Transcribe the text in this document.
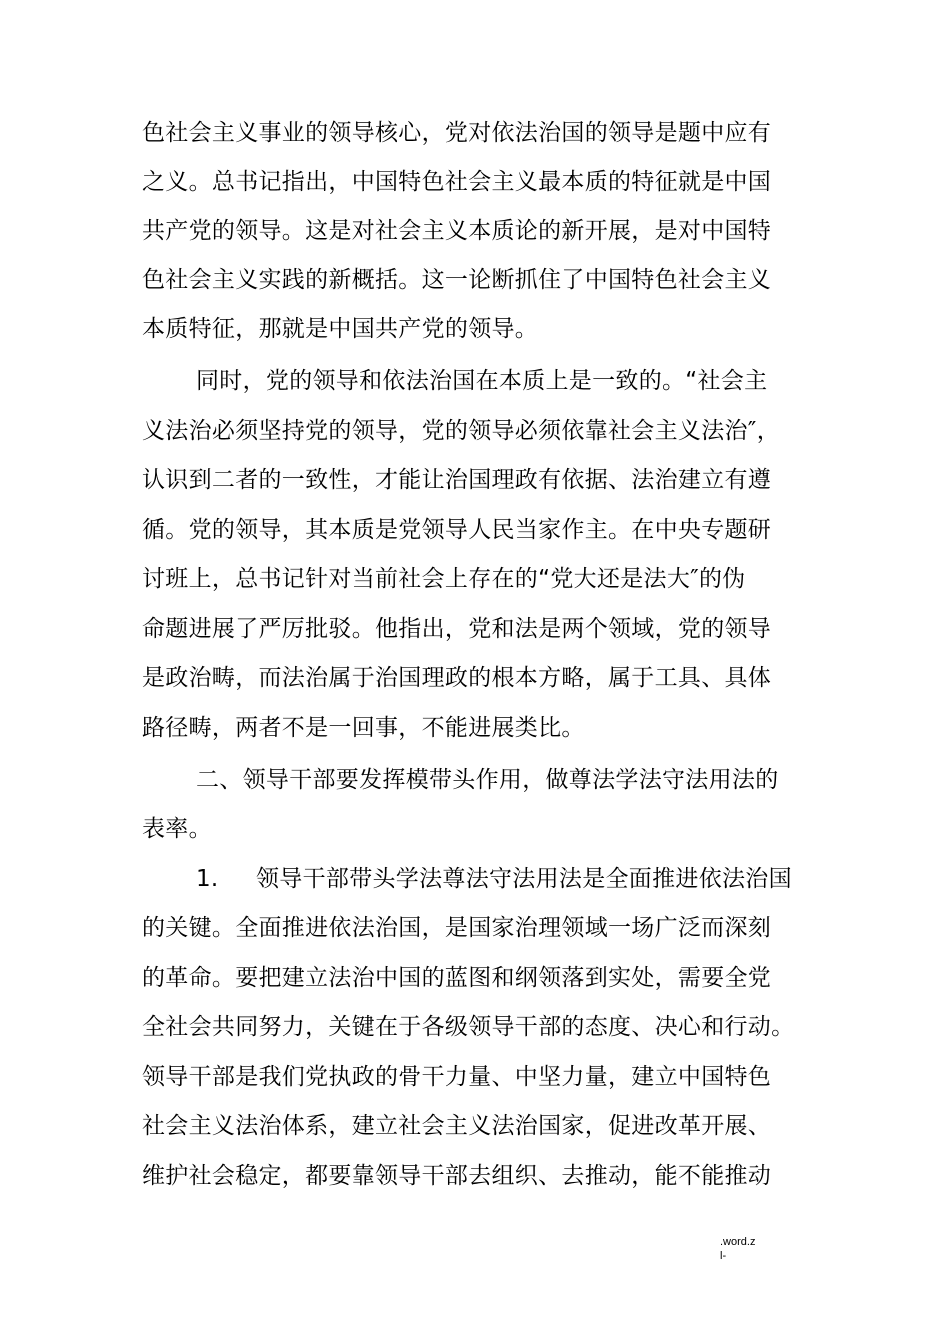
色社会主义事业的领导核心，党对依法治国的领导是题中应有
之义。总书记指出，中国特色社会主义最本质的特征就是中国
共产党的领导。这是对社会主义本质论的新开展，是对中国特
色社会主义实践的新概括。这一论断抓住了中国特色社会主义
本质特征，那就是中国共产党的领导。
同时，党的领导和依法治国在本质上是一致的。“社会主
义法治必须坚持党的领导，党的领导必须依靠社会主义法治″，
认识到二者的一致性，才能让治国理政有依据、法治建立有遵
循。党的领导，其本质是党领导人民当家作主。在中央专题研
讨班上，总书记针对当前社会上存在的“党大还是法大″的伪
命题进展了严厉批驳。他指出，党和法是两个领域，党的领导
是政治畴，而法治属于治国理政的根本方略，属于工具、具体
路径畴，两者不是一回事，不能进展类比。
二、领导干部要发挥模带头作用，做尊法学法守法用法的
表率。
1. 领导干部带头学法尊法守法用法是全面推进依法治国
的关键。全面推进依法治国，是国家治理领域一场广泛而深刻
的革命。要把建立法治中国的蓝图和纲领落到实处，需要全党
全社会共同努力，关键在于各级领导干部的态度、决心和行动。
领导干部是我们党执政的骨干力量、中坚力量，建立中国特色
社会主义法治体系，建立社会主义法治国家，促进改革开展、
维护社会稳定，都要靠领导干部去组织、去推动，能不能推动
.word.z
l-
